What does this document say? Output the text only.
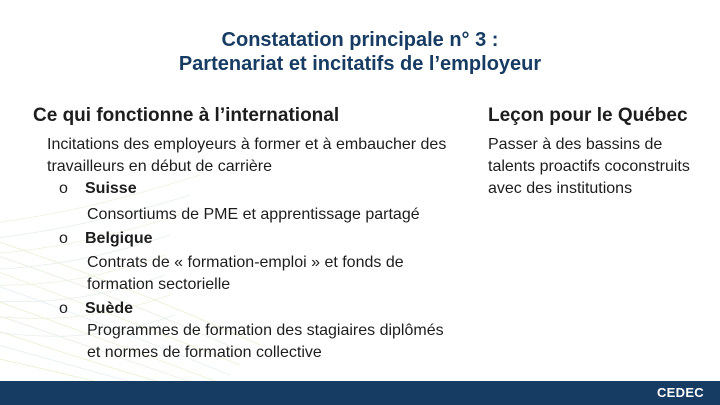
Constatation principale n° 3 :
Partenariat et incitatifs de l’employeur
Ce qui fonctionne à l’international
Incitations des employeurs à former et à embaucher des travailleurs en début de carrière
o Suisse
Consortiums de PME et apprentissage partagé
o Belgique
Contrats de « formation-emploi » et fonds de formation sectorielle
o Suède
Programmes de formation des stagiaires diplômés et normes de formation collective
Leçon pour le Québec
Passer à des bassins de talents proactifs coconstruits avec des institutions
CEDEC
